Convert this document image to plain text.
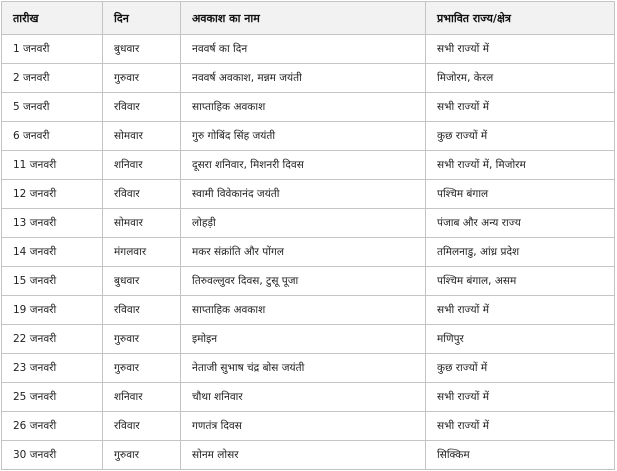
तारीख	दिन	अवकाश का नाम	प्रभावित राज्य/क्षेत्र
1 जनवरी	बुधवार	नववर्ष का दिन	सभी राज्यों में
2 जनवरी	गुरुवार	नववर्ष अवकाश, मन्नम जयंती	मिजोरम, केरल
5 जनवरी	रविवार	साप्ताहिक अवकाश	सभी राज्यों में
6 जनवरी	सोमवार	गुरु गोबिंद सिंह जयंती	कुछ राज्यों में
11 जनवरी	शनिवार	दूसरा शनिवार, मिशनरी दिवस	सभी राज्यों में, मिजोरम
12 जनवरी	रविवार	स्वामी विवेकानंद जयंती	पश्चिम बंगाल
13 जनवरी	सोमवार	लोहड़ी	पंजाब और अन्य राज्य
14 जनवरी	मंगलवार	मकर संक्रांति और पोंगल	तमिलनाडु, आंध्र प्रदेश
15 जनवरी	बुधवार	तिरुवल्लुवर दिवस, टुसू पूजा	पश्चिम बंगाल, असम
19 जनवरी	रविवार	साप्ताहिक अवकाश	सभी राज्यों में
22 जनवरी	गुरुवार	इमोइन	मणिपुर
23 जनवरी	गुरुवार	नेताजी सुभाष चंद्र बोस जयंती	कुछ राज्यों में
25 जनवरी	शनिवार	चौथा शनिवार	सभी राज्यों में
26 जनवरी	रविवार	गणतंत्र दिवस	सभी राज्यों में
30 जनवरी	गुरुवार	सोनम लोसर	सिक्किम
